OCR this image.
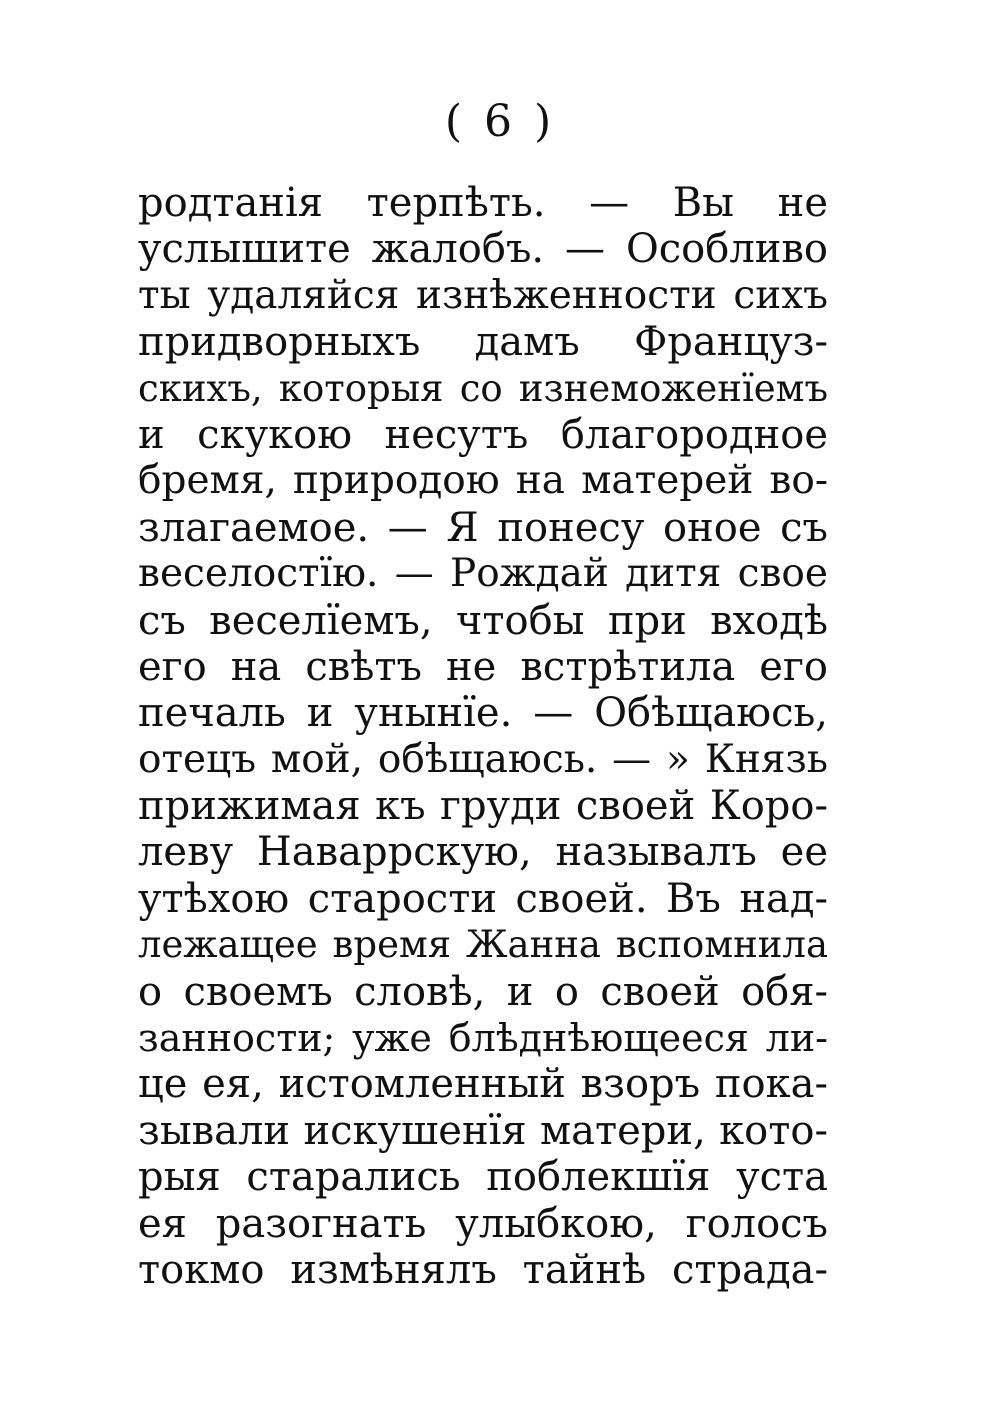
( 6 )
родтанія терпѣть. — Вы не
услышите жалобъ. — Особливо
ты удаляйся изнѣженности сихъ
придворныхъ дамъ Француз-
скихъ, которыя со изнеможенїемъ
и скукою несутъ благородное
бремя, природою на матерей во-
злагаемое. — Я понесу оное съ
веселостїю. — Рождай дитя свое
съ веселїемъ, чтобы при входѣ
его на свѣтъ не встрѣтила его
печаль и унынїе. — Обѣщаюсь,
отецъ мой, обѣщаюсь. — » Князь
прижимая къ груди своей Коро-
леву Наваррскую, называлъ ее
утѣхою старости своей. Въ над-
лежащее время Жанна вспомнила
о своемъ словѣ, и о своей обя-
занности; уже блѣднѣющееся ли-
це ея, истомленный взоръ пока-
зывали искушенїя матери, кото-
рыя старались поблекшїя уста
ея разогнать улыбкою, голосъ
токмо измѣнялъ тайнѣ страда-
